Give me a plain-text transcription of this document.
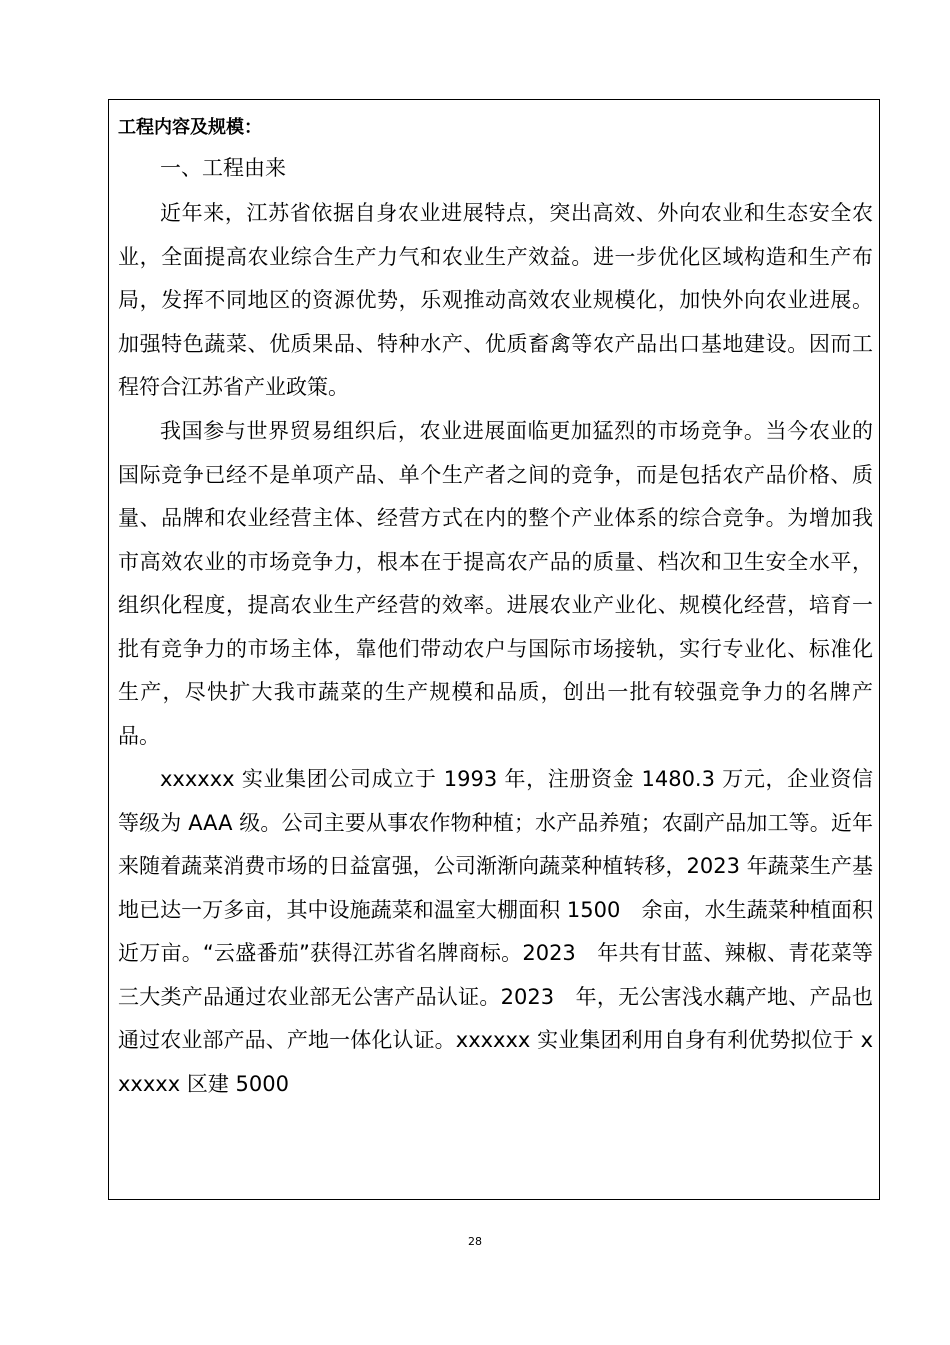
工程内容及规模：
一、工程由来

近年来，江苏省依据自身农业进展特点，突出高效、外向农业和生态安全农业，全面提高农业综合生产力气和农业生产效益。进一步优化区域构造和生产布局，发挥不同地区的资源优势，乐观推动高效农业规模化，加快外向农业进展。加强特色蔬菜、优质果品、特种水产、优质畜禽等农产品出口基地建设。因而工程符合江苏省产业政策。

我国参与世界贸易组织后，农业进展面临更加猛烈的市场竞争。当今农业的国际竞争已经不是单项产品、单个生产者之间的竞争，而是包括农产品价格、质量、品牌和农业经营主体、经营方式在内的整个产业体系的综合竞争。为增加我市高效农业的市场竞争力，根本在于提高农产品的质量、档次和卫生安全水平，组织化程度，提高农业生产经营的效率。进展农业产业化、规模化经营，培育一批有竞争力的市场主体，靠他们带动农户与国际市场接轨，实行专业化、标准化生产，尽快扩大我市蔬菜的生产规模和品质，创出一批有较强竞争力的名牌产品。

xxxxxx 实业集团公司成立于 1993 年，注册资金 1480.3 万元，企业资信等级为 AAA 级。公司主要从事农作物种植；水产品养殖；农副产品加工等。近年来随着蔬菜消费市场的日益富强，公司渐渐向蔬菜种植转移，2023 年蔬菜生产基地已达一万多亩，其中设施蔬菜和温室大棚面积 1500　余亩，水生蔬菜种植面积近万亩。“云盛番茄”获得江苏省名牌商标。2023　年共有甘蓝、辣椒、青花菜等三大类产品通过农业部无公害产品认证。2023　年，无公害浅水藕产地、产品也通过农业部产品、产地一体化认证。xxxxxx 实业集团利用自身有利优势拟位于 xxxxxx 区建 5000

28
